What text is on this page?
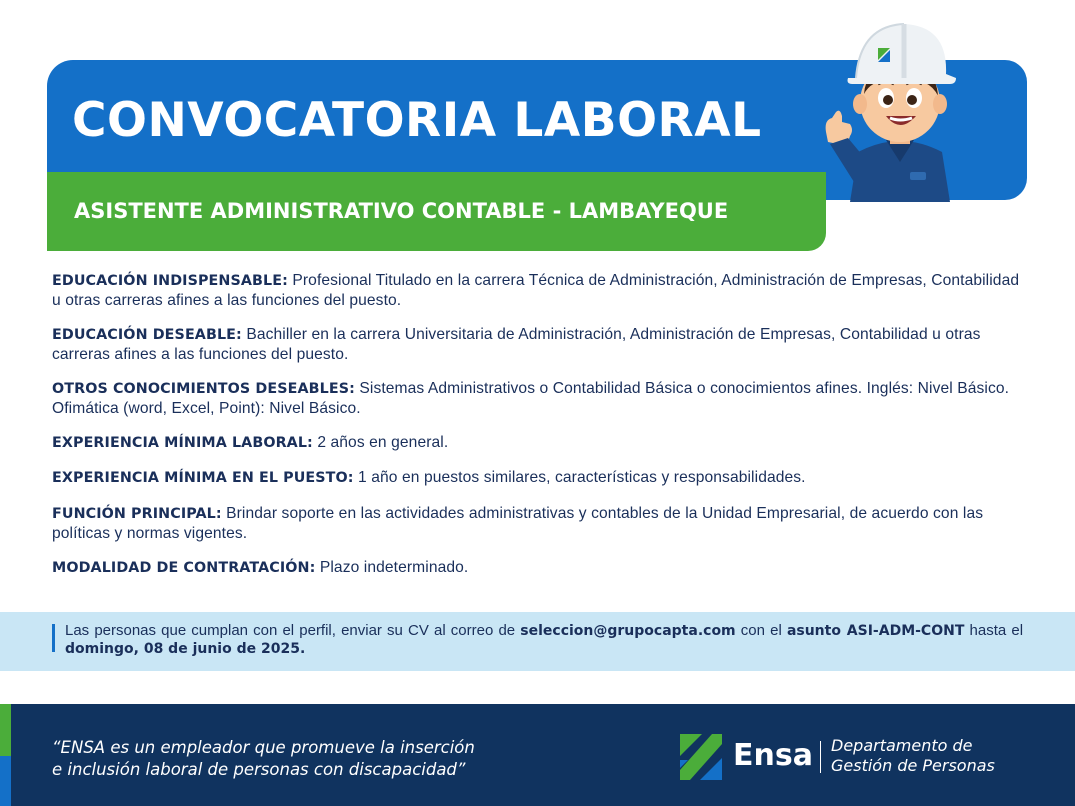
CONVOCATORIA LABORAL
ASISTENTE ADMINISTRATIVO CONTABLE - LAMBAYEQUE

EDUCACIÓN INDISPENSABLE: Profesional Titulado en la carrera Técnica de Administración, Administración de Empresas, Contabilidad u otras carreras afines a las funciones del puesto.

EDUCACIÓN DESEABLE: Bachiller en la carrera Universitaria de Administración, Administración de Empresas, Contabilidad u otras carreras afines a las funciones del puesto.

OTROS CONOCIMIENTOS DESEABLES: Sistemas Administrativos o Contabilidad Básica o conocimientos afines. Inglés: Nivel Básico. Ofimática (word, Excel, Point): Nivel Básico.

EXPERIENCIA MÍNIMA LABORAL: 2 años en general.

EXPERIENCIA MÍNIMA EN EL PUESTO: 1 año en puestos similares, características y responsabilidades.

FUNCIÓN PRINCIPAL: Brindar soporte en las actividades administrativas y contables de la Unidad Empresarial, de acuerdo con las políticas y normas vigentes.

MODALIDAD DE CONTRATACIÓN: Plazo indeterminado.

Las personas que cumplan con el perfil, enviar su CV al correo de seleccion@grupocapta.com con el asunto ASI-ADM-CONT hasta el domingo, 08 de junio de 2025.

“ENSA es un empleador que promueve la inserción
e inclusión laboral de personas con discapacidad”	Ensa Departamento de
Gestión de Personas
